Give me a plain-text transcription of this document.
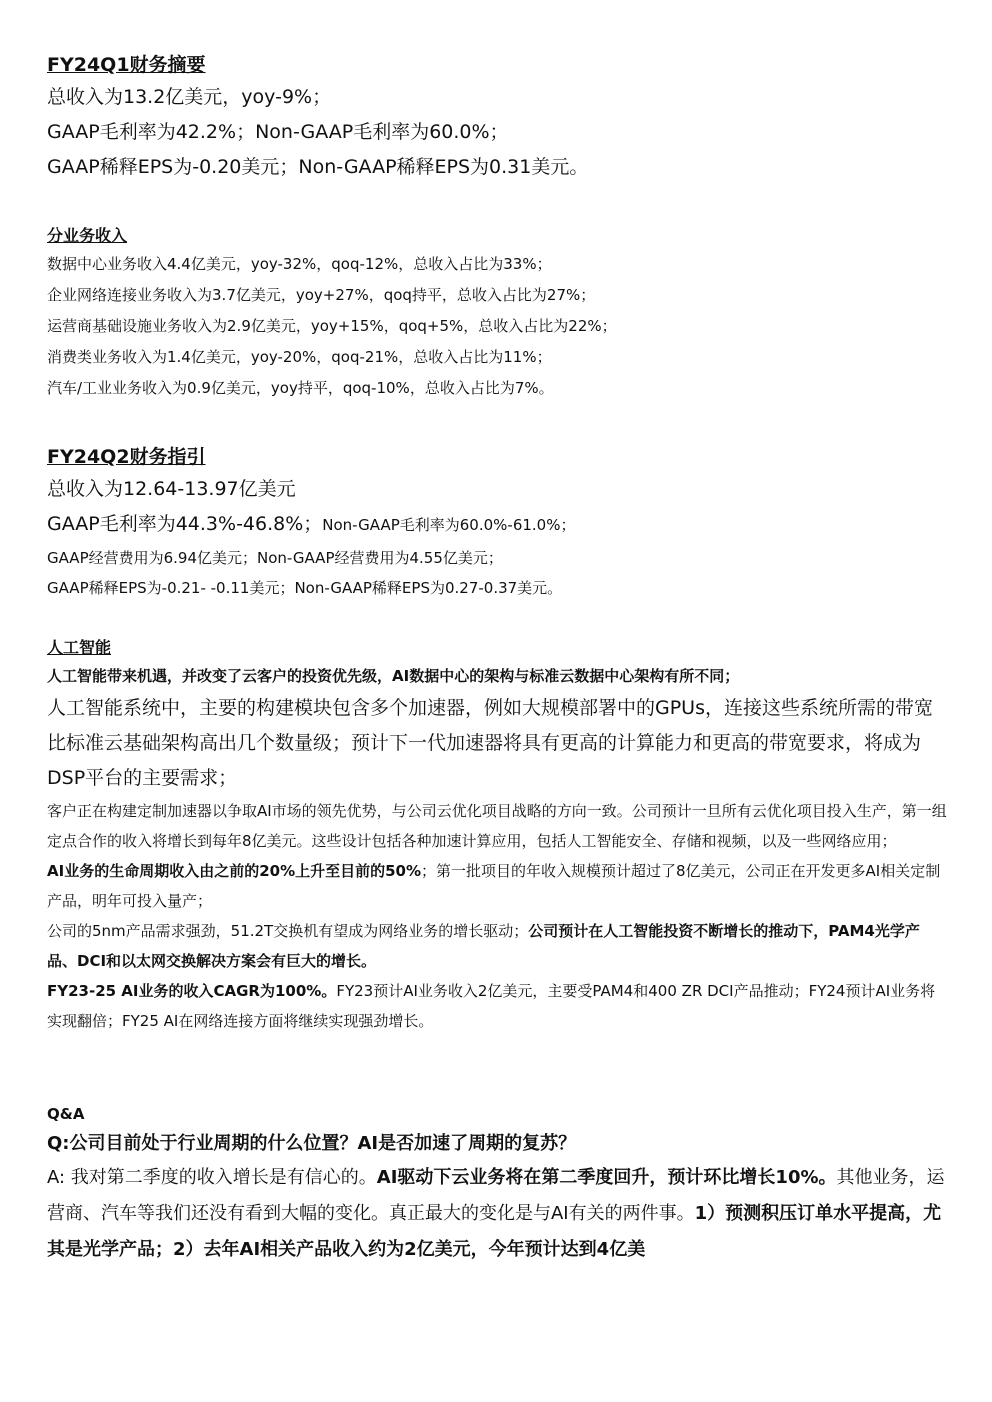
FY24Q1财务摘要
总收入为13.2亿美元，yoy-9%；
GAAP毛利率为42.2%；Non-GAAP毛利率为60.0%；
GAAP稀释EPS为-0.20美元；Non-GAAP稀释EPS为0.31美元。
分业务收入
数据中心业务收入4.4亿美元，yoy-32%，qoq-12%，总收入占比为33%；
企业网络连接业务收入为3.7亿美元，yoy+27%，qoq持平，总收入占比为27%；
运营商基础设施业务收入为2.9亿美元，yoy+15%，qoq+5%，总收入占比为22%；
消费类业务收入为1.4亿美元，yoy-20%，qoq-21%，总收入占比为11%；
汽车/工业业务收入为0.9亿美元，yoy持平，qoq-10%，总收入占比为7%。
FY24Q2财务指引
总收入为12.64-13.97亿美元
GAAP毛利率为44.3%-46.8%；Non-GAAP毛利率为60.0%-61.0%；
GAAP经营费用为6.94亿美元；Non-GAAP经营费用为4.55亿美元；
GAAP稀释EPS为-0.21- -0.11美元；Non-GAAP稀释EPS为0.27-0.37美元。
人工智能
人工智能带来机遇，并改变了云客户的投资优先级，AI数据中心的架构与标准云数据中心架构有所不同；
人工智能系统中，主要的构建模块包含多个加速器，例如大规模部署中的GPUs，连接这些系统所需的带宽比标准云基础架构高出几个数量级；预计下一代加速器将具有更高的计算能力和更高的带宽要求，将成为DSP平台的主要需求；
客户正在构建定制加速器以争取AI市场的领先优势，与公司云优化项目战略的方向一致。公司预计一旦所有云优化项目投入生产，第一组定点合作的收入将增长到每年8亿美元。这些设计包括各种加速计算应用，包括人工智能安全、存储和视频，以及一些网络应用；
AI业务的生命周期收入由之前的20%上升至目前的50%；第一批项目的年收入规模预计超过了8亿美元，公司正在开发更多AI相关定制产品，明年可投入量产；
公司的5nm产品需求强劲，51.2T交换机有望成为网络业务的增长驱动；公司预计在人工智能投资不断增长的推动下，PAM4光学产品、DCI和以太网交换解决方案会有巨大的增长。
FY23-25 AI业务的收入CAGR为100%。FY23预计AI业务收入2亿美元，主要受PAM4和400 ZR DCI产品推动；FY24预计AI业务将实现翻倍；FY25 AI在网络连接方面将继续实现强劲增长。
Q&A
Q:公司目前处于行业周期的什么位置？AI是否加速了周期的复苏？
A: 我对第二季度的收入增长是有信心的。AI驱动下云业务将在第二季度回升，预计环比增长10%。其他业务，运营商、汽车等我们还没有看到大幅的变化。真正最大的变化是与AI有关的两件事。1）预测积压订单水平提高，尤其是光学产品；2）去年AI相关产品收入约为2亿美元，今年预计达到4亿美
